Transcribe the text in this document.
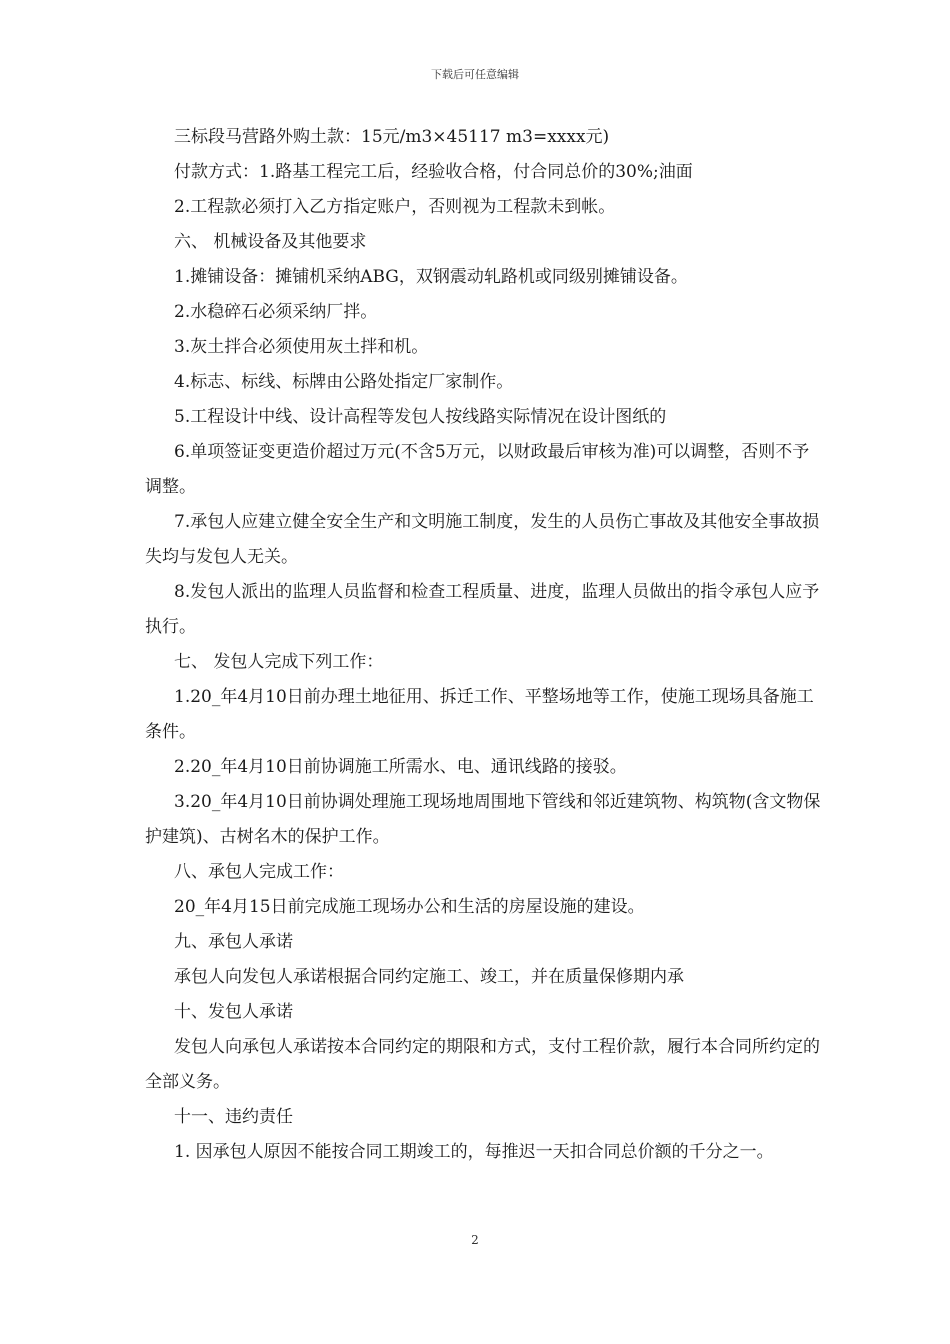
下载后可任意编辑

三标段马营路外购土款：15元/m3×45117 m3=xxxx元)

付款方式：1.路基工程完工后，经验收合格，付合同总价的30%;油面

2.工程款必须打入乙方指定账户，否则视为工程款未到帐。

六、 机械设备及其他要求

1.摊铺设备：摊铺机采纳ABG，双钢震动轧路机或同级别摊铺设备。

2.水稳碎石必须采纳厂拌。

3.灰土拌合必须使用灰土拌和机。

4.标志、标线、标牌由公路处指定厂家制作。

5.工程设计中线、设计高程等发包人按线路实际情况在设计图纸的

6.单项签证变更造价超过万元(不含5万元，以财政最后审核为准)可以调整，否则不予调整。

7.承包人应建立健全安全生产和文明施工制度，发生的人员伤亡事故及其他安全事故损失均与发包人无关。

8.发包人派出的监理人员监督和检查工程质量、进度，监理人员做出的指令承包人应予执行。

七、 发包人完成下列工作：

1.20_年4月10日前办理土地征用、拆迁工作、平整场地等工作，使施工现场具备施工条件。

2.20_年4月10日前协调施工所需水、电、通讯线路的接驳。

3.20_年4月10日前协调处理施工现场地周围地下管线和邻近建筑物、构筑物(含文物保护建筑)、古树名木的保护工作。

八、承包人完成工作：

20_年4月15日前完成施工现场办公和生活的房屋设施的建设。

九、承包人承诺

承包人向发包人承诺根据合同约定施工、竣工，并在质量保修期内承

十、发包人承诺

发包人向承包人承诺按本合同约定的期限和方式，支付工程价款，履行本合同所约定的全部义务。

十一、违约责任

1. 因承包人原因不能按合同工期竣工的，每推迟一天扣合同总价额的千分之一。

2
